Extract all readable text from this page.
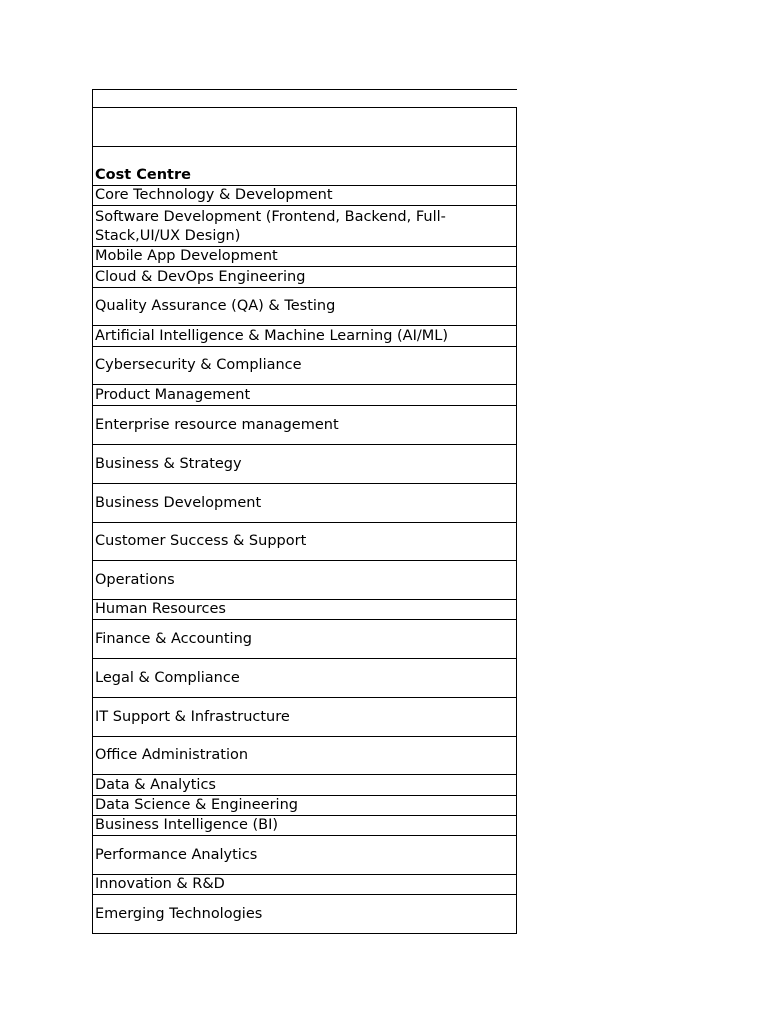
Cost Centre
Core Technology & Development
Software Development (Frontend, Backend, Full-Stack,UI/UX Design)
Mobile App Development
Cloud & DevOps Engineering
Quality Assurance (QA) & Testing
Artificial Intelligence & Machine Learning (AI/ML)
Cybersecurity & Compliance
Product Management
Enterprise resource management
Business & Strategy
Business Development
Customer Success & Support
Operations
Human Resources
Finance & Accounting
Legal & Compliance
IT Support & Infrastructure
Office Administration
Data & Analytics
Data Science & Engineering
Business Intelligence (BI)
Performance Analytics
Innovation & R&D
Emerging Technologies
